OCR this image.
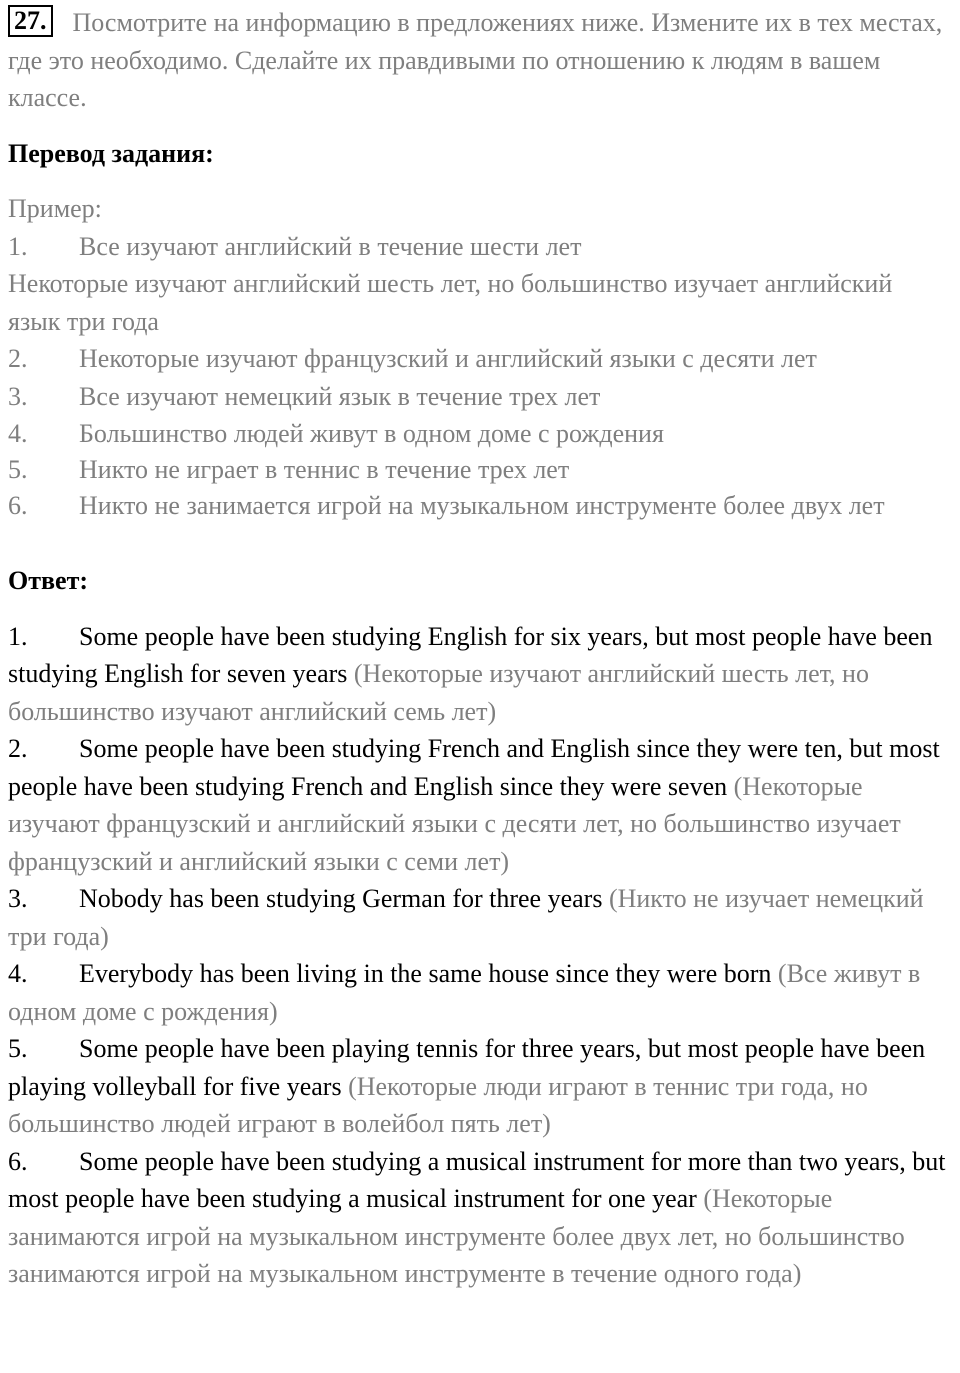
27. Посмотрите на информацию в предложениях ниже. Измените их в тех местах, где это необходимо. Сделайте их правдивыми по отношению к людям в вашем классе.

Перевод задания:

Пример:

1. Все изучают английский в течение шести лет

Некоторые изучают английский шесть лет, но большинство изучает английский язык три года

2. Некоторые изучают французский и английский языки с десяти лет

3. Все изучают немецкий язык в течение трех лет

4. Большинство людей живут в одном доме с рождения

5. Никто не играет в теннис в течение трех лет

6. Никто не занимается игрой на музыкальном инструменте более двух лет

Ответ:

1. Some people have been studying English for six years, but most people have been studying English for seven years (Некоторые изучают английский шесть лет, но большинство изучают английский семь лет)

2. Some people have been studying French and English since they were ten, but most people have been studying French and English since they were seven (Некоторые изучают французский и английский языки с десяти лет, но большинство изучает французский и английский языки с семи лет)

3. Nobody has been studying German for three years (Никто не изучает немецкий три года)

4. Everybody has been living in the same house since they were born (Все живут в одном доме с рождения)

5. Some people have been playing tennis for three years, but most people have been playing volleyball for five years (Некоторые люди играют в теннис три года, но большинство людей играют в волейбол пять лет)

6. Some people have been studying a musical instrument for more than two years, but most people have been studying a musical instrument for one year (Некоторые занимаются игрой на музыкальном инструменте более двух лет, но большинство занимаются игрой на музыкальном инструменте в течение одного года)
